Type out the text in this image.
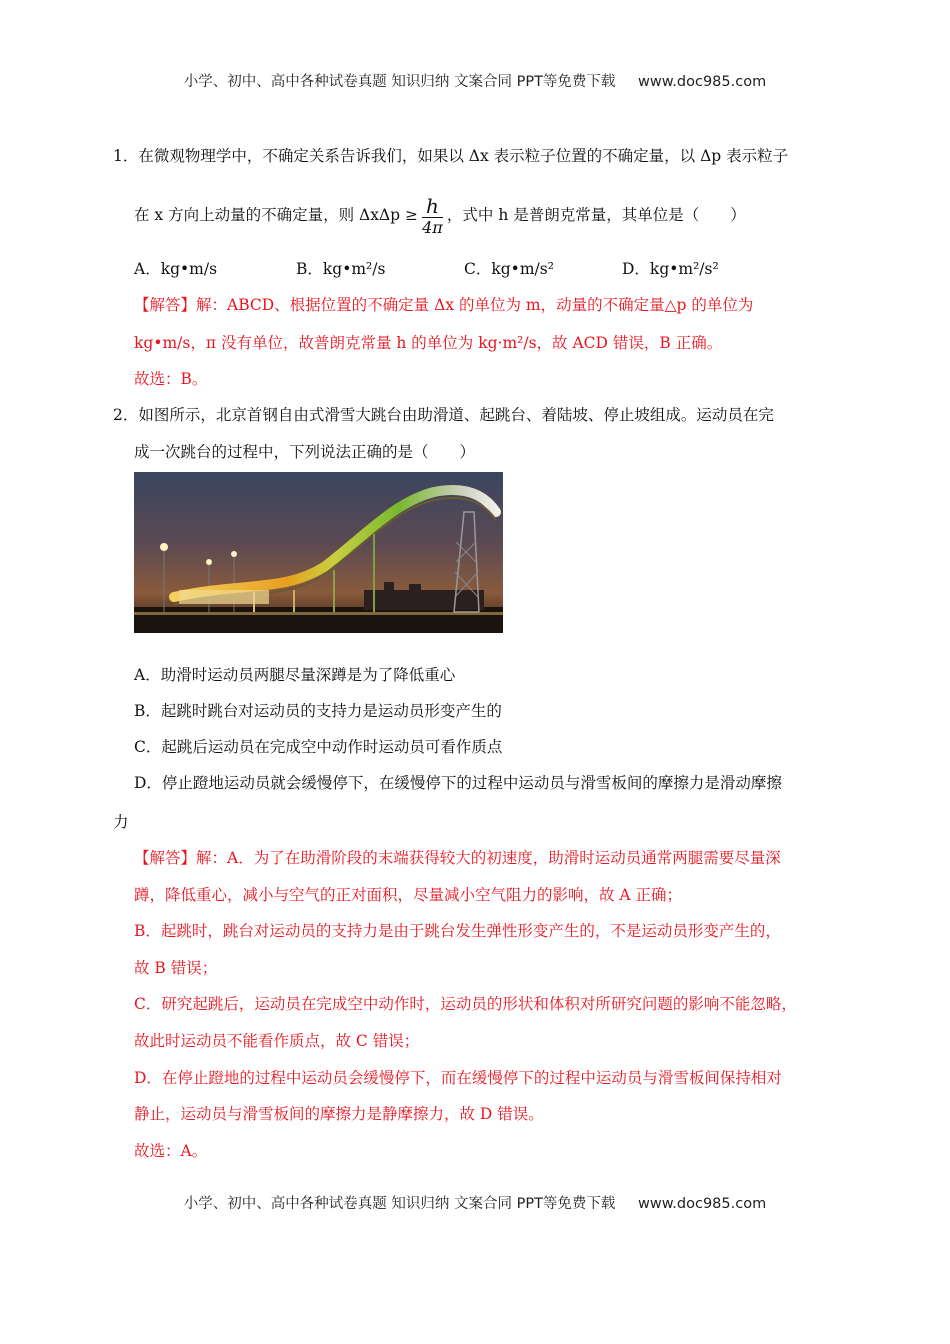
小学、初中、高中各种试卷真题 知识归纳 文案合同 PPT等免费下载 www.doc985.com
1．在微观物理学中，不确定关系告诉我们，如果以 Δx 表示粒子位置的不确定量，以 Δp 表示粒子
在 x 方向上动量的不确定量，则 $\Delta x\Delta p \ge \frac{h}{4\pi}$ ，式中 h 是普朗克常量，其单位是（　　）
A．kg•m/s	B．kg•m²/s	C．kg•m/s²	D．kg•m²/s²
【解答】解：ABCD、根据位置的不确定量 Δx 的单位为 m，动量的不确定量△p 的单位为
kg•m/s，π 没有单位，故普朗克常量 h 的单位为 kg·m²/s，故 ACD 错误，B 正确。
故选：B。
2．如图所示，北京首钢自由式滑雪大跳台由助滑道、起跳台、着陆坡、停止坡组成。运动员在完
成一次跳台的过程中，下列说法正确的是（　　）
A．助滑时运动员两腿尽量深蹲是为了降低重心
B．起跳时跳台对运动员的支持力是运动员形变产生的
C．起跳后运动员在完成空中动作时运动员可看作质点
D．停止蹬地运动员就会缓慢停下，在缓慢停下的过程中运动员与滑雪板间的摩擦力是滑动摩擦
力
【解答】解：A．为了在助滑阶段的末端获得较大的初速度，助滑时运动员通常两腿需要尽量深
蹲，降低重心，减小与空气的正对面积，尽量减小空气阻力的影响，故 A 正确；
B．起跳时，跳台对运动员的支持力是由于跳台发生弹性形变产生的，不是运动员形变产生的，
故 B 错误；
C．研究起跳后，运动员在完成空中动作时，运动员的形状和体积对所研究问题的影响不能忽略，
故此时运动员不能看作质点，故 C 错误；
D．在停止蹬地的过程中运动员会缓慢停下，而在缓慢停下的过程中运动员与滑雪板间保持相对
静止，运动员与滑雪板间的摩擦力是静摩擦力，故 D 错误。
故选：A。
小学、初中、高中各种试卷真题 知识归纳 文案合同 PPT等免费下载 www.doc985.com
